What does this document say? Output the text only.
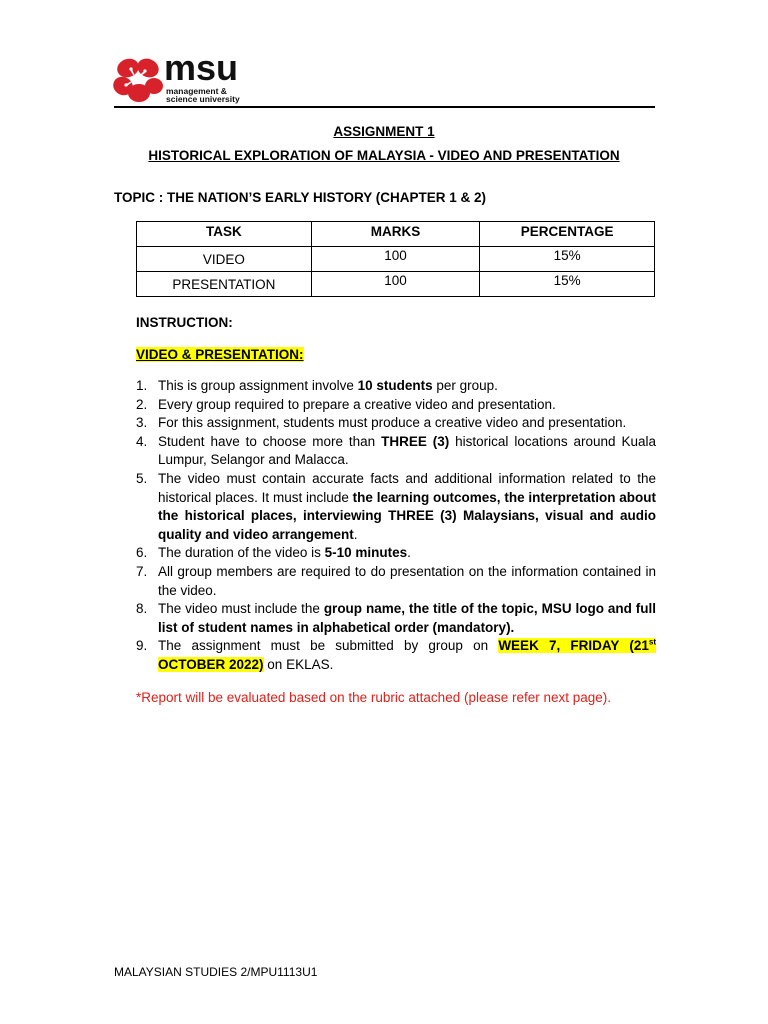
msu
management &
science university
ASSIGNMENT 1
HISTORICAL EXPLORATION OF MALAYSIA - VIDEO AND PRESENTATION
TOPIC : THE NATION’S EARLY HISTORY (CHAPTER 1 & 2)
TASK	MARKS	PERCENTAGE
VIDEO	100	15%
PRESENTATION	100	15%
INSTRUCTION:
VIDEO & PRESENTATION:
1. This is group assignment involve 10 students per group.
2. Every group required to prepare a creative video and presentation.
3. For this assignment, students must produce a creative video and presentation.
4. Student have to choose more than THREE (3) historical locations around Kuala Lumpur, Selangor and Malacca.
5. The video must contain accurate facts and additional information related to the historical places. It must include the learning outcomes, the interpretation about the historical places, interviewing THREE (3) Malaysians, visual and audio quality and video arrangement.
6. The duration of the video is 5-10 minutes.
7. All group members are required to do presentation on the information contained in the video.
8. The video must include the group name, the title of the topic, MSU logo and full list of student names in alphabetical order (mandatory).
9. The assignment must be submitted by group on WEEK 7, FRIDAY (21st OCTOBER 2022) on EKLAS.
*Report will be evaluated based on the rubric attached (please refer next page).
MALAYSIAN STUDIES 2/MPU1113U1
